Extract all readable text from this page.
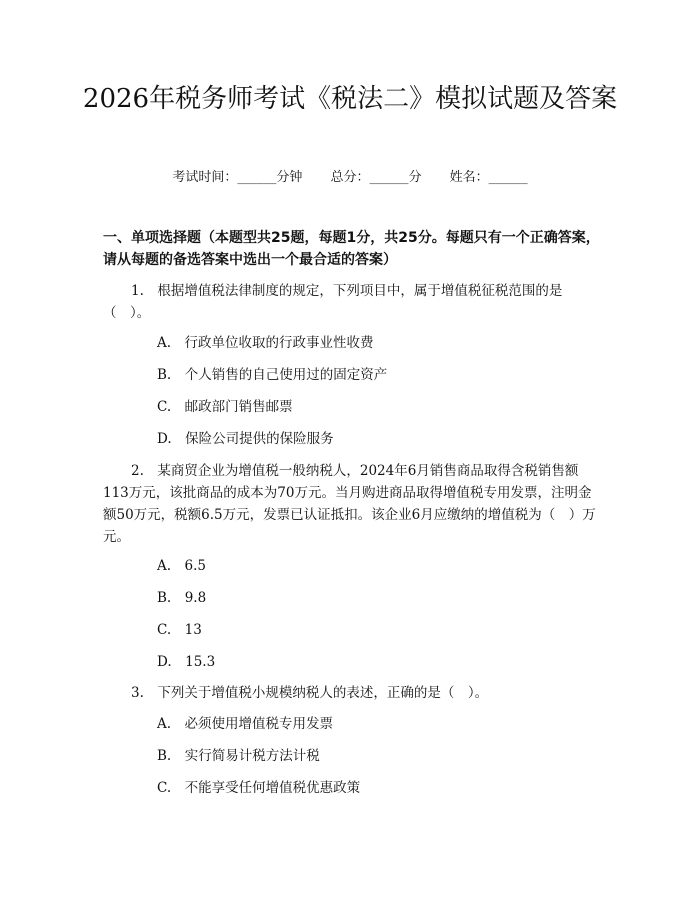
2026年税务师考试《税法二》模拟试题及答案
考试时间：______分钟 总分：______分 姓名：______
一、单项选择题（本题型共25题，每题1分，共25分。每题只有一个正确答案，请从每题的备选答案中选出一个最合适的答案）
1.　根据增值税法律制度的规定，下列项目中，属于增值税征税范围的是（　）。
A.　行政单位收取的行政事业性收费
B.　个人销售的自己使用过的固定资产
C.　邮政部门销售邮票
D.　保险公司提供的保险服务
2.　某商贸企业为增值税一般纳税人，2024年6月销售商品取得含税销售额113万元，该批商品的成本为70万元。当月购进商品取得增值税专用发票，注明金额50万元，税额6.5万元，发票已认证抵扣。该企业6月应缴纳的增值税为（　）万元。
A.　6.5
B.　9.8
C.　13
D.　15.3
3.　下列关于增值税小规模纳税人的表述，正确的是（　）。
A.　必须使用增值税专用发票
B.　实行简易计税方法计税
C.　不能享受任何增值税优惠政策
